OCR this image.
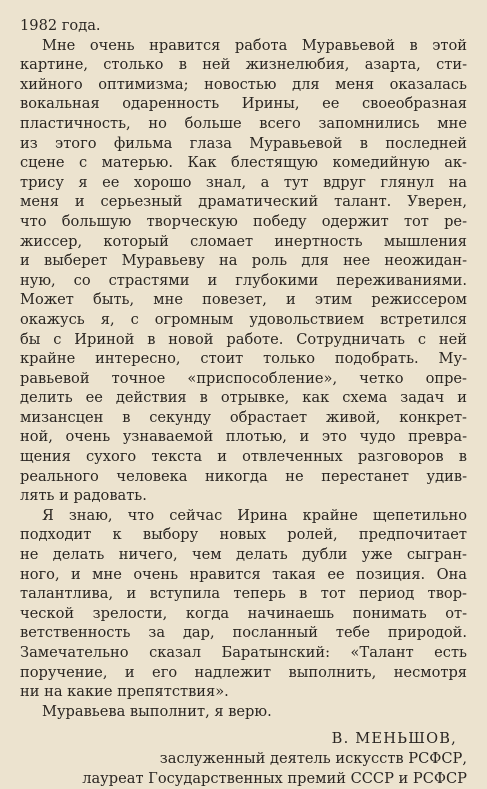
1982 года.
Мне очень нравится работа Муравьевой в этой
картине, столько в ней жизнелюбия, азарта, сти-
хийного оптимизма; новостью для меня оказалась
вокальная одаренность Ирины, ее своеобразная
пластичность, но больше всего запомнились мне
из этого фильма глаза Муравьевой в последней
сцене с матерью. Как блестящую комедийную ак-
трису я ее хорошо знал, а тут вдруг глянул на
меня и серьезный драматический талант. Уверен,
что большую творческую победу одержит тот ре-
жиссер, который сломает инертность мышления
и выберет Муравьеву на роль для нее неожидан-
ную, со страстями и глубокими переживаниями.
Может быть, мне повезет, и этим режиссером
окажусь я, с огромным удовольствием встретился
бы с Ириной в новой работе. Сотрудничать с ней
крайне интересно, стоит только подобрать. Му-
равьевой точное «приспособление», четко опре-
делить ее действия в отрывке, как схема задач и
мизансцен в секунду обрастает живой, конкрет-
ной, очень узнаваемой плотью, и это чудо превра-
щения сухого текста и отвлеченных разговоров в
реального человека никогда не перестанет удив-
лять и радовать.
Я знаю, что сейчас Ирина крайне щепетильно
подходит к выбору новых ролей, предпочитает
не делать ничего, чем делать дубли уже сыгран-
ного, и мне очень нравится такая ее позиция. Она
талантлива, и вступила теперь в тот период твор-
ческой зрелости, когда начинаешь понимать от-
ветственность за дар, посланный тебе природой.
Замечательно сказал Баратынский: «Талант есть
поручение, и его надлежит выполнить, несмотря
ни на какие препятствия».
Муравьева выполнит, я верю.
В. МЕНЬШОВ,
заслуженный деятель искусств РСФСР,
лауреат Государственных премий СССР и РСФСР
